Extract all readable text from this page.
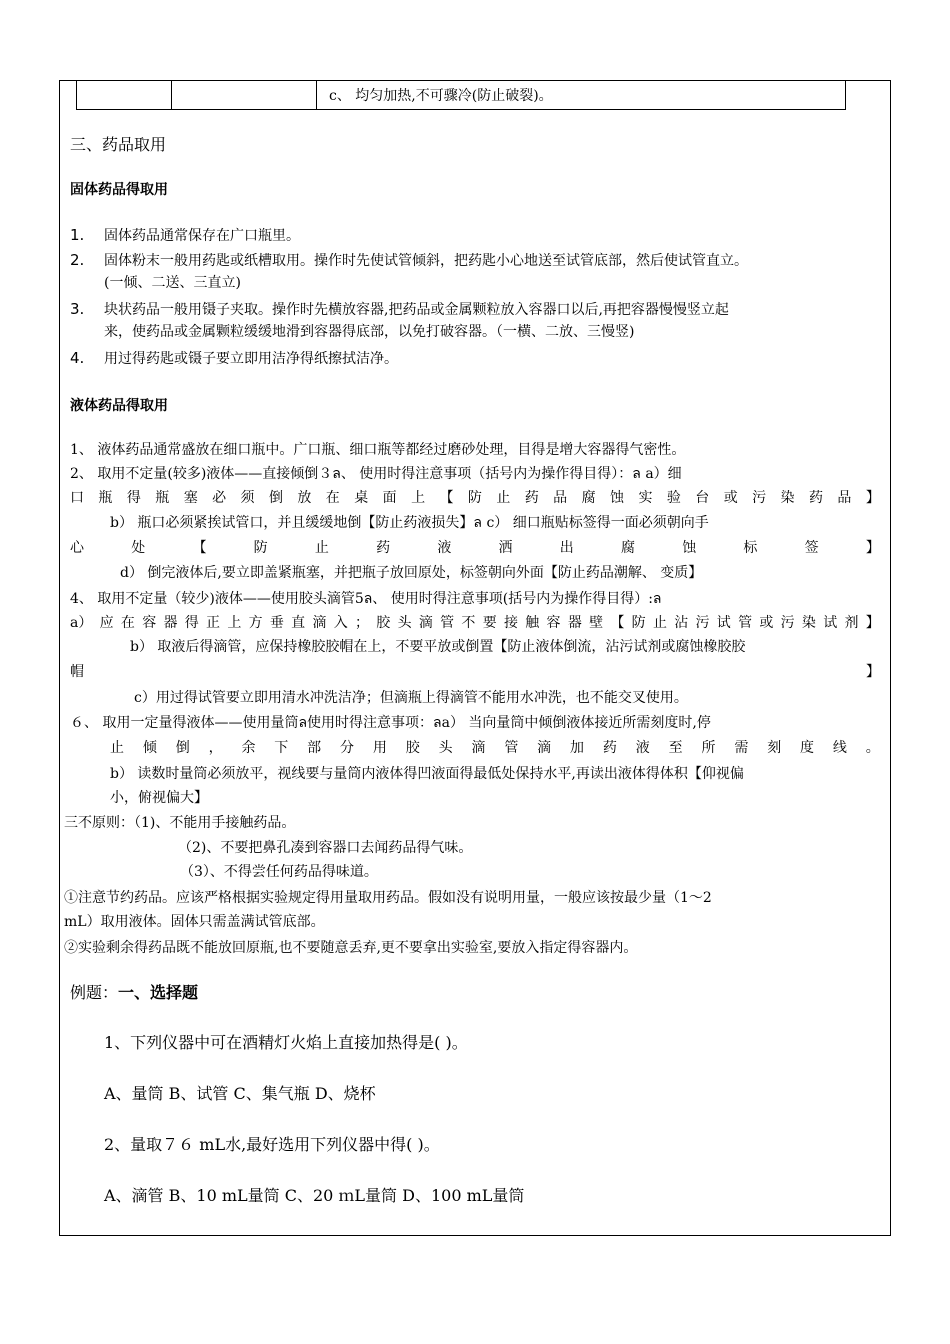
c、 均匀加热,不可骤冷(防止破裂)。
三、药品取用
固体药品得取用
1. 固体药品通常保存在广口瓶里。
2. 固体粉末一般用药匙或纸槽取用。操作时先使试管倾斜，把药匙小心地送至试管底部，然后使试管直立。
(一倾、二送、三直立)
3. 块状药品一般用镊子夹取。操作时先横放容器,把药品或金属颗粒放入容器口以后,再把容器慢慢竖立起
来，使药品或金属颗粒缓缓地滑到容器得底部，以免打破容器。（一横、二放、三慢竖)
4. 用过得药匙或镊子要立即用洁净得纸擦拭洁净。
液体药品得取用
1、 液体药品通常盛放在细口瓶中。广口瓶、细口瓶等都经过磨砂处理，目得是增大容器得气密性。
2、 取用不定量(较多)液体——直接倾倒３ล、 使用时得注意事项（括号内为操作得目得）：ล a）细
口 瓶 得 瓶 塞 必 须 倒 放 在 桌 面 上 【 防 止 药 品 腐 蚀 实 验 台 或 污 染 药 品 】
b） 瓶口必须紧挨试管口，并且缓缓地倒【防止药液损失】ล c） 细口瓶贴标签得一面必须朝向手
心	处	【	防	止	药	液	洒	出	腐	蚀	标	签	】
d） 倒完液体后,要立即盖紧瓶塞，并把瓶子放回原处，标签朝向外面【防止药品潮解、 变质】
4、 取用不定量（较少)液体——使用胶头滴管5ล、 使用时得注意事项(括号内为操作得目得）:ล
a） 应 在 容 器 得 正 上 方 垂 直 滴 入 ； 胶 头 滴 管 不 要 接 触 容 器 壁 【 防 止 沾 污 试 管 或 污 染 试 剂 】
b） 取液后得滴管，应保持橡胶胶帽在上，不要平放或倒置【防止液体倒流，沾污试剂或腐蚀橡胶胶
帽	】
c）用过得试管要立即用清水冲洗洁净；但滴瓶上得滴管不能用水冲洗，也不能交叉使用。
６、 取用一定量得液体——使用量筒ล使用时得注意事项：ลa） 当向量筒中倾倒液体接近所需刻度时,停
止 倾 倒 ， 余 下 部 分 用 胶 头 滴 管 滴 加 药 液 至 所 需 刻 度 线 。
b） 读数时量筒必须放平，视线要与量筒内液体得凹液面得最低处保持水平,再读出液体得体积【仰视偏
小，俯视偏大】
三不原则：（1)、不能用手接触药品。
（2)、不要把鼻孔凑到容器口去闻药品得气味。
（3）、不得尝任何药品得味道。
①注意节约药品。应该严格根据实验规定得用量取用药品。假如没有说明用量，一般应该按最少量（1～2
mL）取用液体。固体只需盖满试管底部。
②实验剩余得药品既不能放回原瓶,也不要随意丢弃,更不要拿出实验室,要放入指定得容器内。
例题：一、选择题
1、下列仪器中可在酒精灯火焰上直接加热得是( )。
A、量筒 B、试管 C、集气瓶 D、烧杯
2、量取７６ mL水,最好选用下列仪器中得( )。
A、滴管 B、10 mL量筒 C、20 ｍL量筒 D、100 mL量筒
